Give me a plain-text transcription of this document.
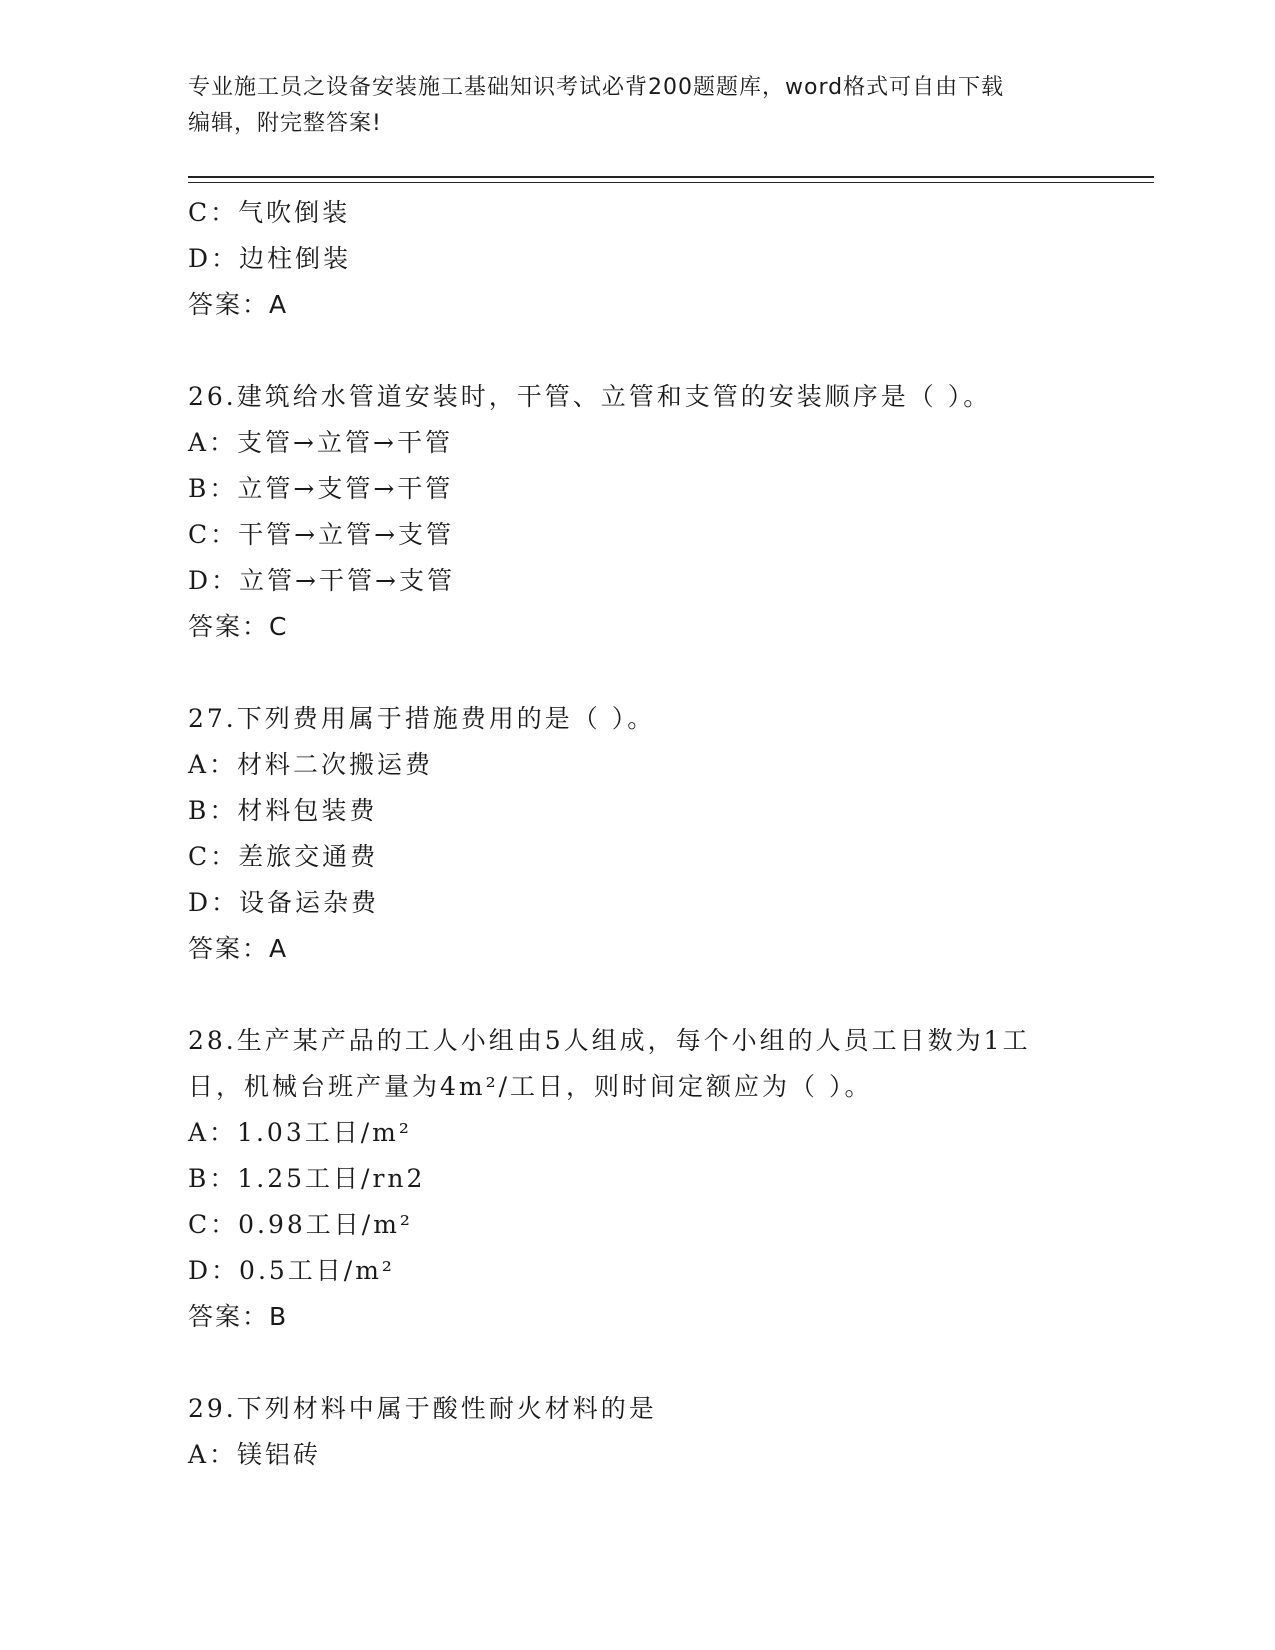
专业施工员之设备安装施工基础知识考试必背200题题库，word格式可自由下载
编辑，附完整答案!
C：气吹倒装
D：边柱倒装
答案：A
26.建筑给水管道安装时，干管、立管和支管的安装顺序是（ ）。
A：支管→立管→干管
B：立管→支管→干管
C：干管→立管→支管
D：立管→干管→支管
答案：C
27.下列费用属于措施费用的是（ ）。
A：材料二次搬运费
B：材料包装费
C：差旅交通费
D：设备运杂费
答案：A
28.生产某产品的工人小组由5人组成，每个小组的人员工日数为1工
日，机械台班产量为4m²/工日，则时间定额应为（ ）。
A：1.03工日/m²
B：1.25工日/rn2
C：0.98工日/m²
D：0.5工日/m²
答案：B
29.下列材料中属于酸性耐火材料的是
A：镁铝砖
